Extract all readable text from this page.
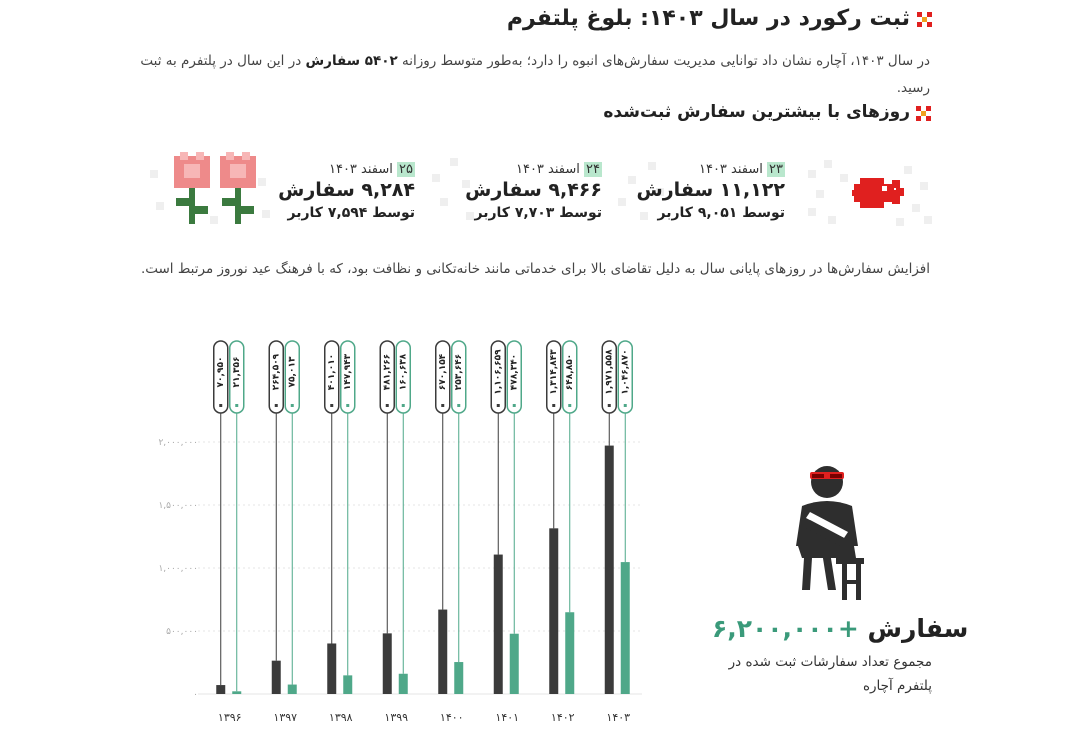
ثبت رکورد در سال ۱۴۰۳: بلوغ پلتفرم
در سال ۱۴۰۳، آچاره نشان داد توانایی مدیریت سفارش‌های انبوه را دارد؛ به‌طور متوسط روزانه ۵۴۰۲ سفارش در این سال در پلتفرم به ثبت رسید.
روزهای با بیشترین سفارش ثبت‌شده
۲۳ اسفند ۱۴۰۳
۱۱,۱۲۲ سفارش
توسط ۹,۰۵۱ کاربر
۲۴ اسفند ۱۴۰۳
۹,۴۶۶ سفارش
توسط ۷,۷۰۳ کاربر
۲۵ اسفند ۱۴۰۳
۹,۲۸۴ سفارش
توسط ۷,۵۹۴ کاربر
افزایش سفارش‌ها در روزهای پایانی سال به دلیل تقاضای بالا برای خدماتی مانند خانه‌تکانی و نظافت بود، که با فرهنگ عید نوروز مرتبط است.
۰
۵۰۰,۰۰۰
۱,۰۰۰,۰۰۰
۱,۵۰۰,۰۰۰
۲,۰۰۰,۰۰۰
۷۰,۹۵۰ ۲۱,۳۵۶
۱۳۹۶
۲۶۴,۵۰۹ ۷۵,۰۱۳
۱۳۹۷
۴۰۱,۰۱۰ ۱۴۷,۹۴۳
۱۳۹۸
۴۸۱,۲۶۶ ۱۶۰,۶۳۸
۱۳۹۹
۶۷۰,۱۵۴ ۲۵۳,۶۴۶
۱۴۰۰
۱,۱۰۶,۶۵۹ ۴۷۸,۳۴۰
۱۴۰۱
۱,۳۱۴,۸۴۳ ۶۴۸,۸۵۰
۱۴۰۲
۱,۹۷۱,۵۵۸ ۱,۰۴۶,۸۷۰
۱۴۰۳
سفارش +۶,۲۰۰,۰۰۰
مجموع تعداد سفارشات ثبت شده در پلتفرم آچاره
